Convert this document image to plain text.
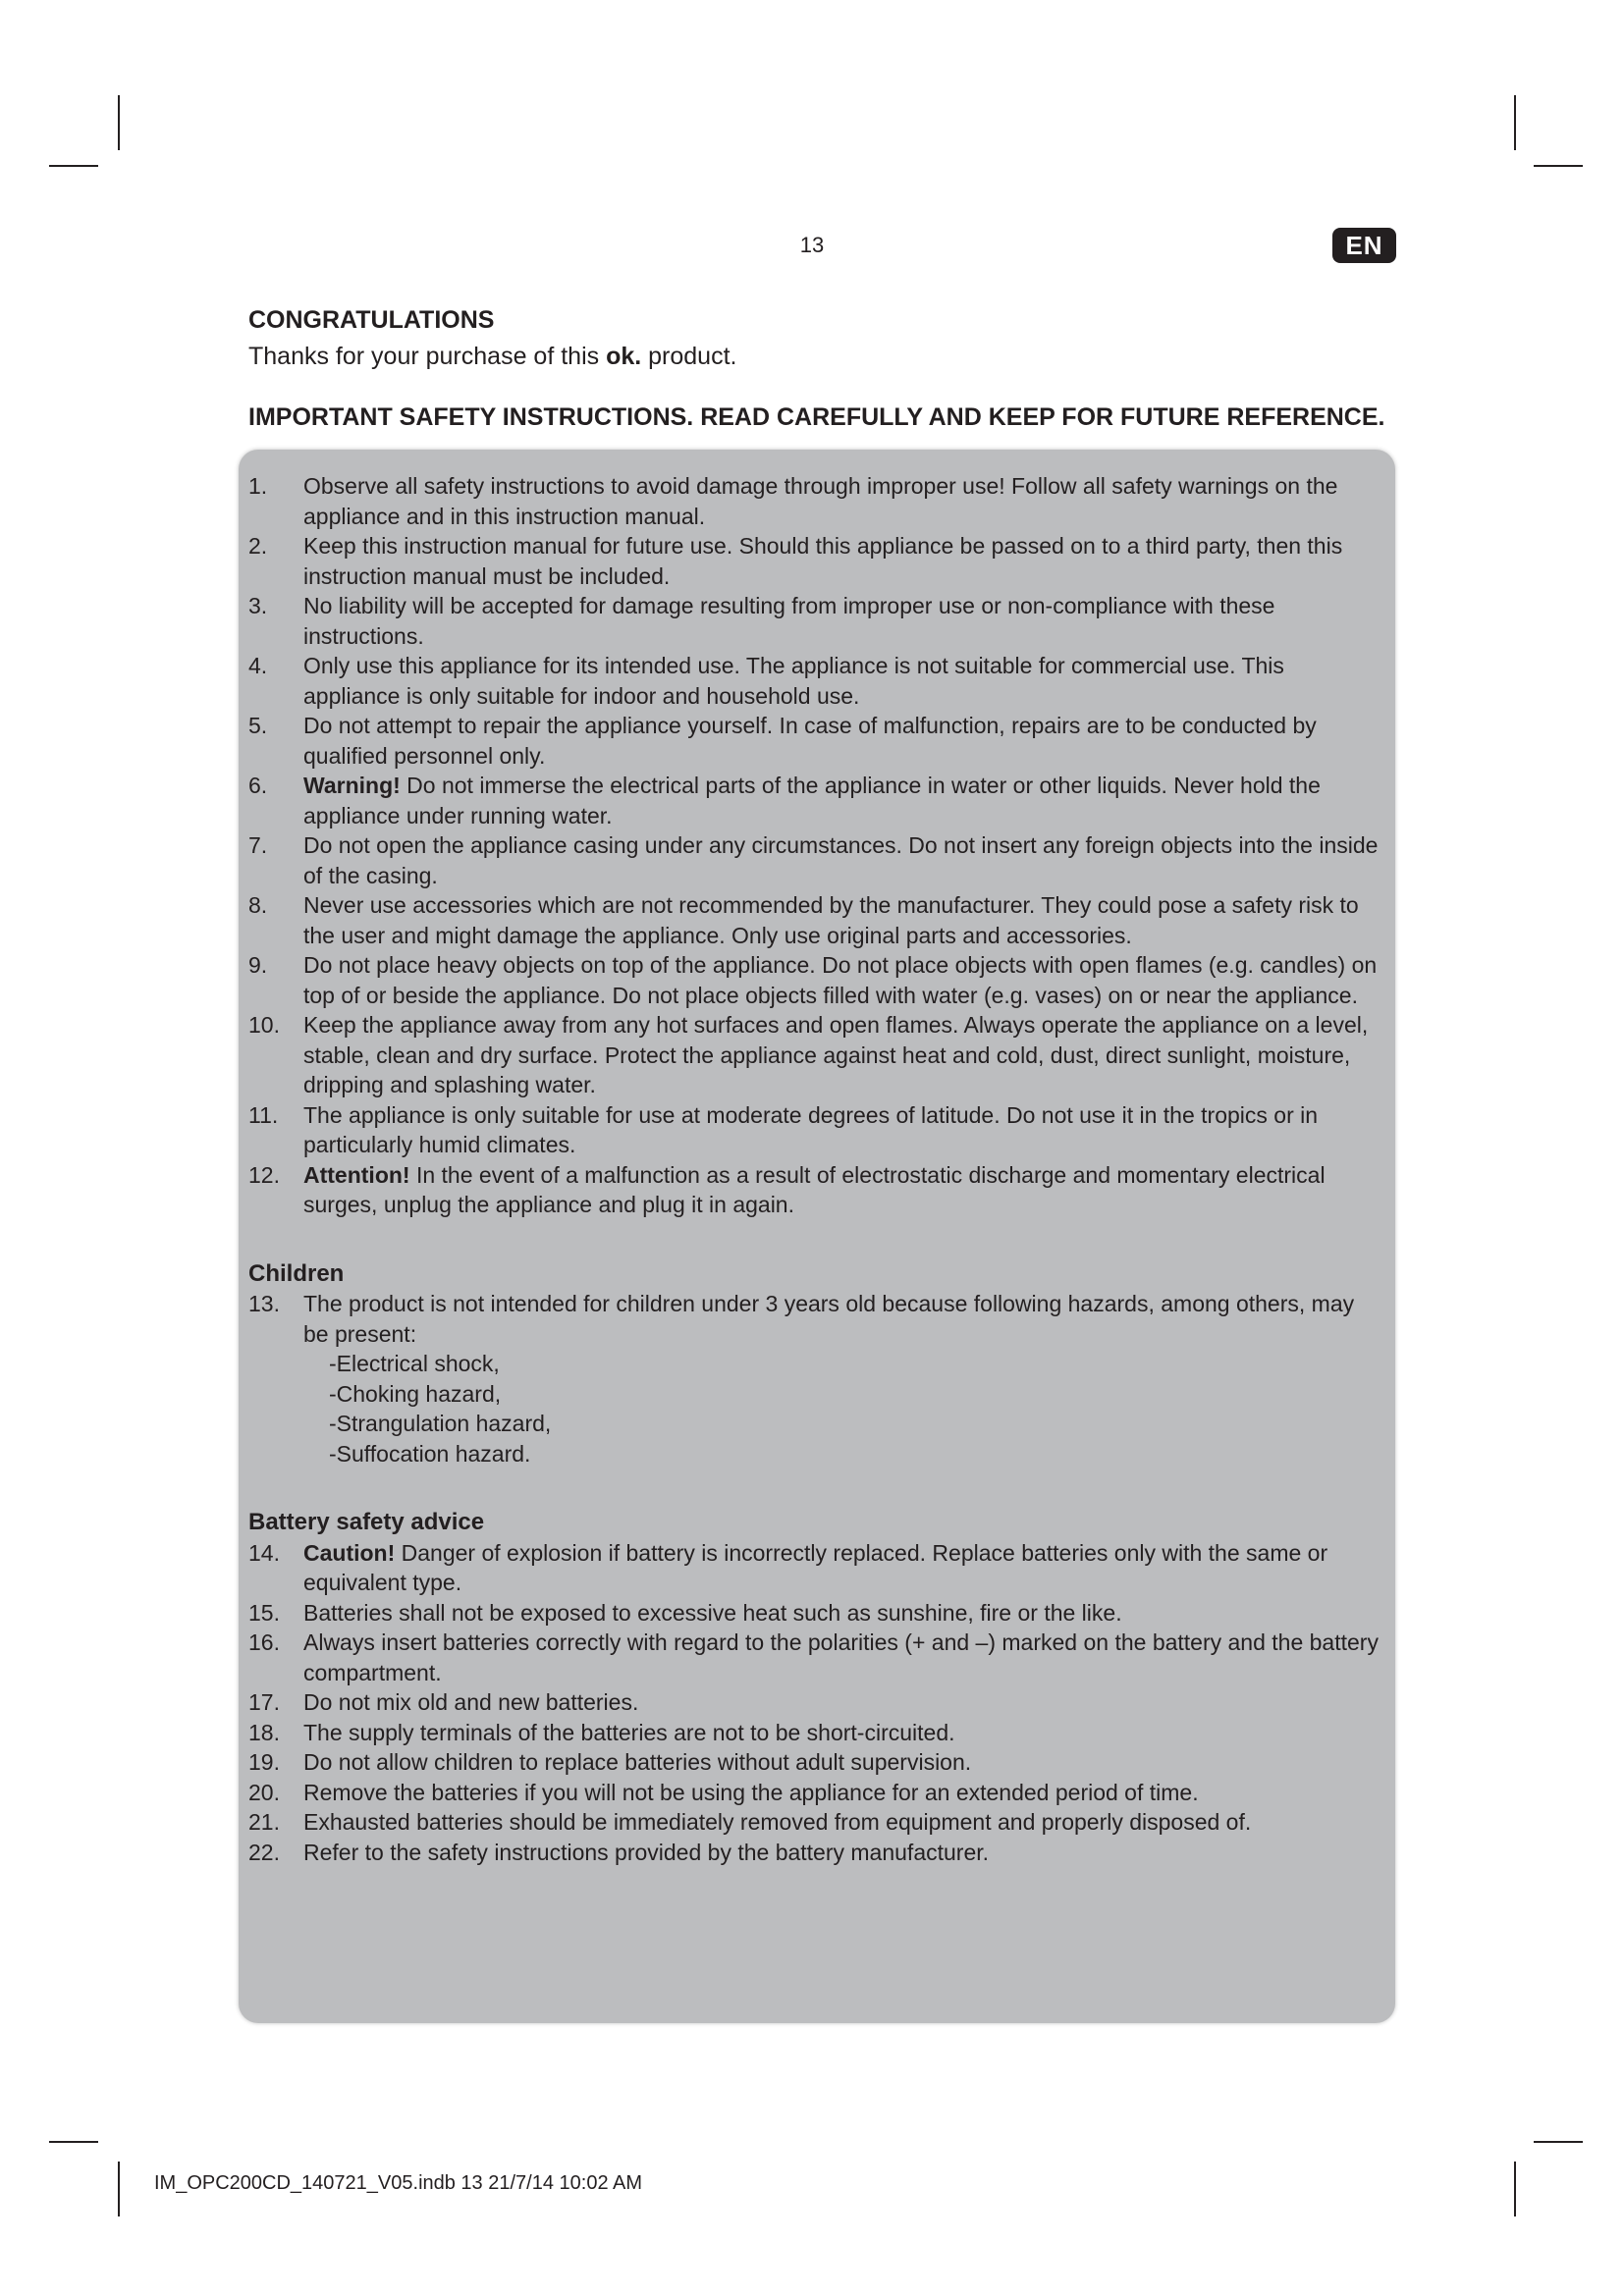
13	EN
CONGRATULATIONS
Thanks for your purchase of this ok. product.
IMPORTANT SAFETY INSTRUCTIONS. READ CAREFULLY AND KEEP FOR FUTURE REFERENCE.
1. Observe all safety instructions to avoid damage through improper use! Follow all safety warnings on the appliance and in this instruction manual.
2. Keep this instruction manual for future use. Should this appliance be passed on to a third party, then this instruction manual must be included.
3. No liability will be accepted for damage resulting from improper use or non-compliance with these instructions.
4. Only use this appliance for its intended use. The appliance is not suitable for commercial use. This appliance is only suitable for indoor and household use.
5. Do not attempt to repair the appliance yourself. In case of malfunction, repairs are to be conducted by qualified personnel only.
6. Warning! Do not immerse the electrical parts of the appliance in water or other liquids. Never hold the appliance under running water.
7. Do not open the appliance casing under any circumstances. Do not insert any foreign objects into the inside of the casing.
8. Never use accessories which are not recommended by the manufacturer. They could pose a safety risk to the user and might damage the appliance. Only use original parts and accessories.
9. Do not place heavy objects on top of the appliance. Do not place objects with open flames (e.g. candles) on top of or beside the appliance. Do not place objects filled with water (e.g. vases) on or near the appliance.
10. Keep the appliance away from any hot surfaces and open flames. Always operate the appliance on a level, stable, clean and dry surface. Protect the appliance against heat and cold, dust, direct sunlight, moisture, dripping and splashing water.
11. The appliance is only suitable for use at moderate degrees of latitude. Do not use it in the tropics or in particularly humid climates.
12. Attention! In the event of a malfunction as a result of electrostatic discharge and momentary electrical surges, unplug the appliance and plug it in again.
Children
13. The product is not intended for children under 3 years old because following hazards, among others, may be present:
-Electrical shock,
-Choking hazard,
-Strangulation hazard,
-Suffocation hazard.
Battery safety advice
14. Caution! Danger of explosion if battery is incorrectly replaced. Replace batteries only with the same or equivalent type.
15. Batteries shall not be exposed to excessive heat such as sunshine, fire or the like.
16. Always insert batteries correctly with regard to the polarities (+ and –) marked on the battery and the battery compartment.
17. Do not mix old and new batteries.
18. The supply terminals of the batteries are not to be short-circuited.
19. Do not allow children to replace batteries without adult supervision.
20. Remove the batteries if you will not be using the appliance for an extended period of time.
21. Exhausted batteries should be immediately removed from equipment and properly disposed of.
22. Refer to the safety instructions provided by the battery manufacturer.
IM_OPC200CD_140721_V05.indb 13 21/7/14 10:02 AM
